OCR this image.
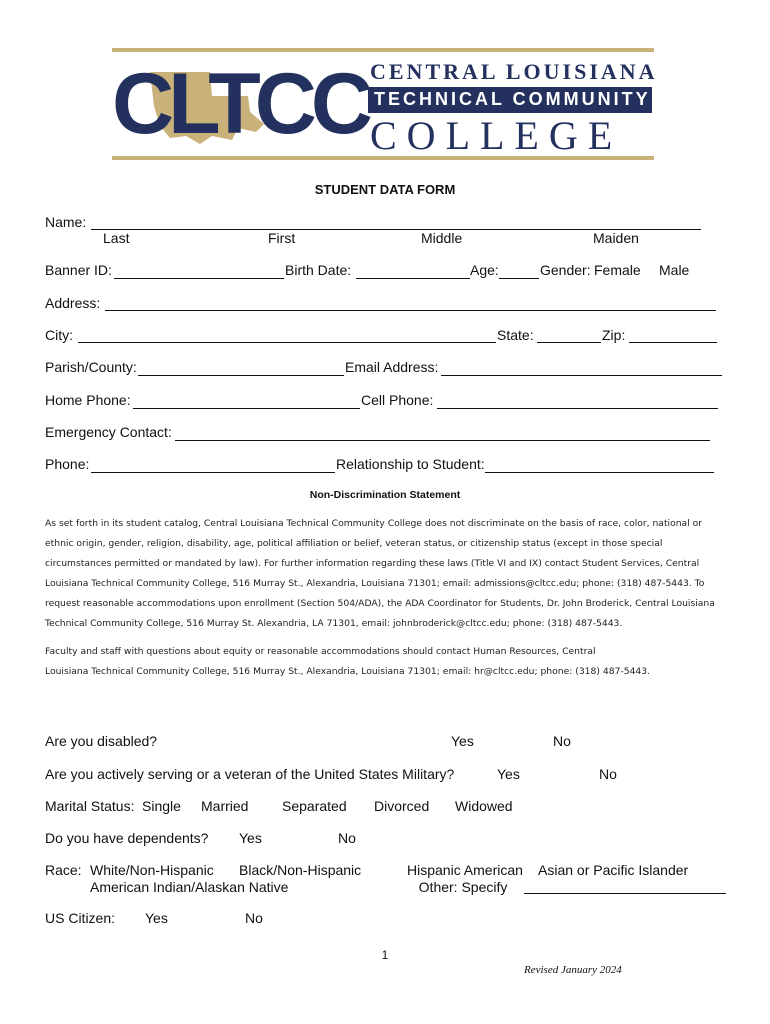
CLTCC CENTRAL LOUISIANA
TECHNICAL COMMUNITY
COLLEGE
STUDENT DATA FORM
Name:
Last	First	Middle	Maiden
Banner ID:	Birth Date:	Age:	Gender: Female Male
Address:
City:	State:	Zip:
Parish/County:	Email Address:
Home Phone:	Cell Phone:
Emergency Contact:
Phone:	Relationship to Student:
Non-Discrimination Statement
As set forth in its student catalog, Central Louisiana Technical Community College does not discriminate on the basis of race, color, national or
ethnic origin, gender, religion, disability, age, political affiliation or belief, veteran status, or citizenship status (except in those special
circumstances permitted or mandated by law). For further information regarding these laws (Title VI and IX) contact Student Services, Central
Louisiana Technical Community College, 516 Murray St., Alexandria, Louisiana 71301; email: admissions@cltcc.edu; phone: (318) 487-5443. To
request reasonable accommodations upon enrollment (Section 504/ADA), the ADA Coordinator for Students, Dr. John Broderick, Central Louisiana
Technical Community College, 516 Murray St. Alexandria, LA 71301, email: johnbroderick@cltcc.edu; phone: (318) 487-5443.
Faculty and staff with questions about equity or reasonable accommodations should contact Human Resources, Central
Louisiana Technical Community College, 516 Murray St., Alexandria, Louisiana 71301; email: hr@cltcc.edu; phone: (318) 487-5443.
Are you disabled?	Yes	No
Are you actively serving or a veteran of the United States Military?	Yes	No
Marital Status: Single Married Separated Divorced Widowed
Do you have dependents? Yes	No
Race: White/Non-Hispanic Black/Non-Hispanic	Hispanic American Asian or Pacific Islander
American Indian/Alaskan Native	Other: Specify
US Citizen: Yes	No
1
Revised January 2024
